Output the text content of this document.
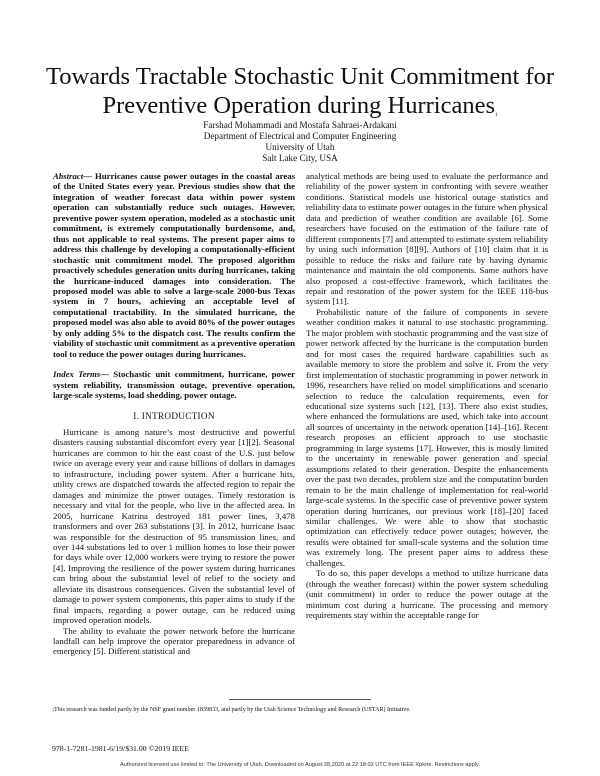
Towards Tractable Stochastic Unit Commitment for
Preventive Operation during Hurricanes$^1$
Farshad Mohammadi and Mostafa Sahraei-Ardakani
Department of Electrical and Computer Engineering
University of Utah
Salt Lake City, USA

Abstract— Hurricanes cause power outages in the coastal areas of the United States every year. Previous studies show that the integration of weather forecast data within power system operation can substantially reduce such outages. However, preventive power system operation, modeled as a stochastic unit commitment, is extremely computationally burdensome, and, thus not applicable to real systems. The present paper aims to address this challenge by developing a computationally-efficient stochastic unit commitment model. The proposed algorithm proactively schedules generation units during hurricanes, taking the hurricane-induced damages into consideration. The proposed model was able to solve a large-scale 2000-bus Texas system in 7 hours, achieving an acceptable level of computational tractability. In the simulated hurricane, the proposed model was also able to avoid 80% of the power outages by only adding 5% to the dispatch cost. The results confirm the viability of stochastic unit commitment as a preventive operation tool to reduce the power outages during hurricanes.

Index Terms— Stochastic unit commitment, hurricane, power system reliability, transmission outage, preventive operation, large-scale systems, load shedding, power outage.

I. INTRODUCTION

Hurricane is among nature’s most destructive and powerful disasters causing substantial discomfort every year [1][2]. Seasonal hurricanes are common to hit the east coast of the U.S. just below twice on average every year and cause billions of dollars in damages to infrastructure, including power system. After a hurricane hits, utility crews are dispatched towards the affected region to repair the damages and minimize the power outages. Timely restoration is necessary and vital for the people, who live in the affected area. In 2005, hurricane Katrina destroyed 181 power lines, 3,478 transformers and over 263 substations [3]. In 2012, hurricane Isaac was responsible for the destruction of 95 transmission lines, and over 144 substations led to over 1 million homes to lose their power for days while over 12,000 workers were trying to restore the power [4]. Improving the resilience of the power system during hurricanes can bring about the substantial level of relief to the society and alleviate its disastrous consequences. Given the substantial level of damage to power system components, this paper aims to study if the final impacts, regarding a power outage, can be reduced using improved operation models.

The ability to evaluate the power network before the hurricane landfall can help improve the operator preparedness in advance of emergency [5]. Different statistical and

analytical methods are being used to evaluate the performance and reliability of the power system in confronting with severe weather conditions. Statistical models use historical outage statistics and reliability data to estimate power outages in the future when physical data and prediction of weather condition are available [6]. Some researchers have focused on the estimation of the failure rate of different components [7] and attempted to estimate system reliability by using such information [8][9]. Authors of [10] claim that it is possible to reduce the risks and failure rate by having dynamic maintenance and maintain the old components. Same authors have also proposed a cost-effective framework, which facilitates the repair and restoration of the power system for the IEEE 118-bus system [11].

Probabilistic nature of the failure of components in severe weather condition makes it natural to use stochastic programming. The major problem with stochastic programming and the vast size of power network affected by the hurricane is the computation burden and for most cases the required hardware capabilities such as available memory to store the problem and solve it. From the very first implementation of stochastic programming in power network in 1996, researchers have relied on model simplifications and scenario selection to reduce the calculation requirements, even for educational size systems such [12], [13]. There also exist studies, where enhanced the formulations are used, which take into account all sources of uncertainty in the network operation [14]–[16]. Recent research proposes an efficient approach to use stochastic programming in large systems [17]. However, this is mostly limited to the uncertainty in renewable power generation and special assumptions related to their generation. Despite the enhancements over the past two decades, problem size and the computation burden remain to be the main challenge of implementation for real-world large-scale systems. In the specific case of preventive power system operation during hurricanes, our previous work [18]–[20] faced similar challenges. We were able to show that stochastic optimization can effectively reduce power outages; however, the results were obtained for small-scale systems and the solution time was extremely long. The present paper aims to address these challenges.

To do so, this paper develops a method to utilize hurricane data (through the weather forecast) within the power system scheduling (unit commitment) in order to reduce the power outage at the minimum cost during a hurricane. The processing and memory requirements stay within the acceptable range for

$^1$This research was funded partly by the NSF grant number 1839833, and partly by the Utah Science Technology and Research (USTAR) Initiative.
978-1-7281-1981-6/19/$31.00 ©2019 IEEE
Authorized licensed use limited to: The University of Utah. Downloaded on August 28,2020 at 22:18:02 UTC from IEEE Xplore. Restrictions apply.
